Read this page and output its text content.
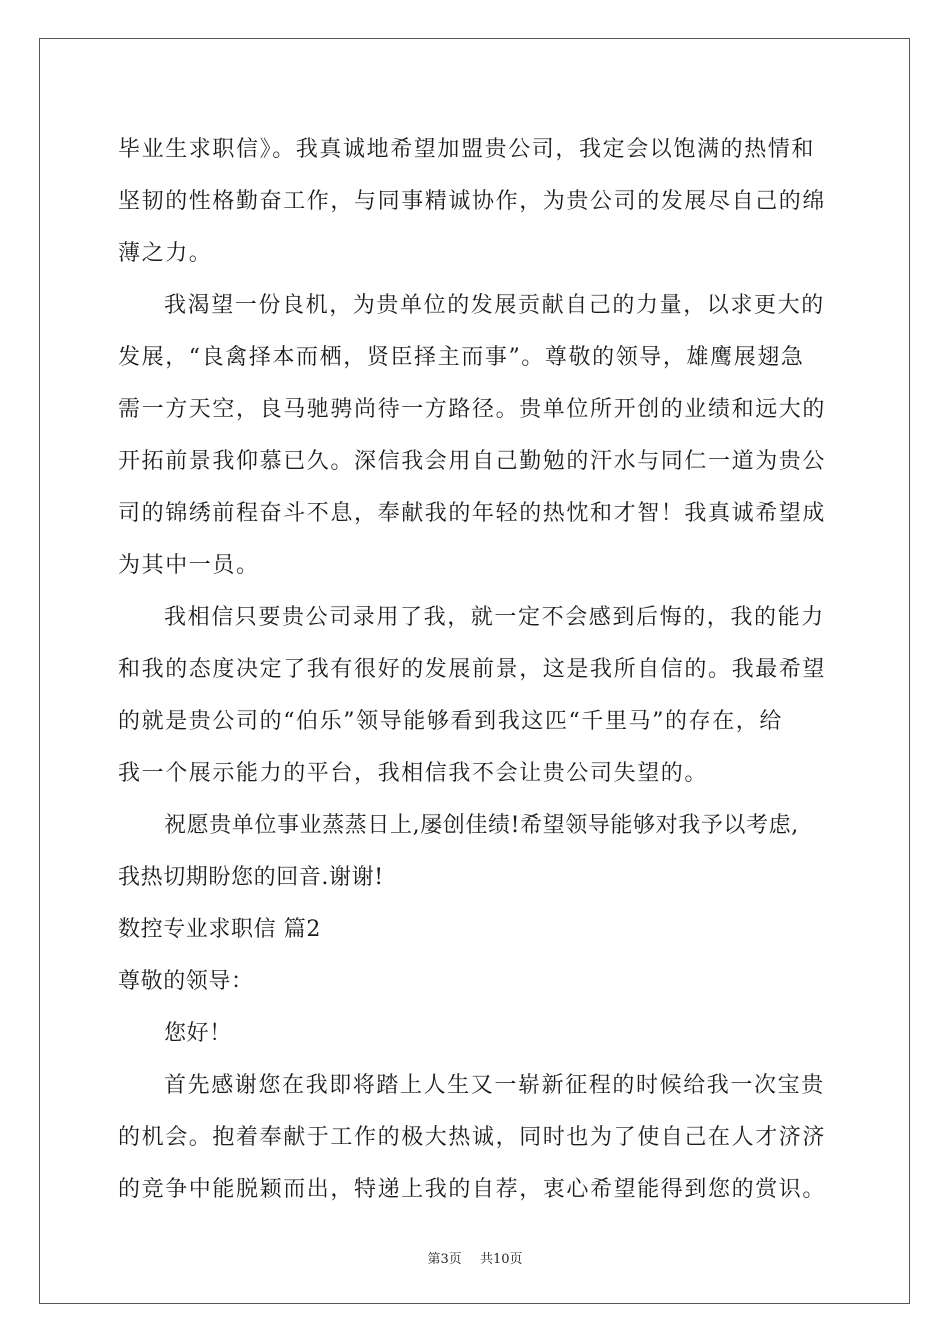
毕业生求职信》。我真诚地希望加盟贵公司，我定会以饱满的热情和
坚韧的性格勤奋工作，与同事精诚协作，为贵公司的发展尽自己的绵
薄之力。
我渴望一份良机，为贵单位的发展贡献自己的力量，以求更大的
发展，“良禽择本而栖，贤臣择主而事”。尊敬的领导，雄鹰展翅急
需一方天空，良马驰骋尚待一方路径。贵单位所开创的业绩和远大的
开拓前景我仰慕已久。深信我会用自己勤勉的汗水与同仁一道为贵公
司的锦绣前程奋斗不息，奉献我的年轻的热忱和才智！我真诚希望成
为其中一员。
我相信只要贵公司录用了我，就一定不会感到后悔的，我的能力
和我的态度决定了我有很好的发展前景，这是我所自信的。我最希望
的就是贵公司的“伯乐”领导能够看到我这匹“千里马”的存在，给
我一个展示能力的平台，我相信我不会让贵公司失望的。
祝愿贵单位事业蒸蒸日上,屡创佳绩!希望领导能够对我予以考虑,
我热切期盼您的回音.谢谢!
数控专业求职信 篇2
尊敬的领导：
您好！
首先感谢您在我即将踏上人生又一崭新征程的时候给我一次宝贵
的机会。抱着奉献于工作的极大热诚，同时也为了使自己在人才济济
的竞争中能脱颖而出，特递上我的自荐，衷心希望能得到您的赏识。
第3页 共10页
